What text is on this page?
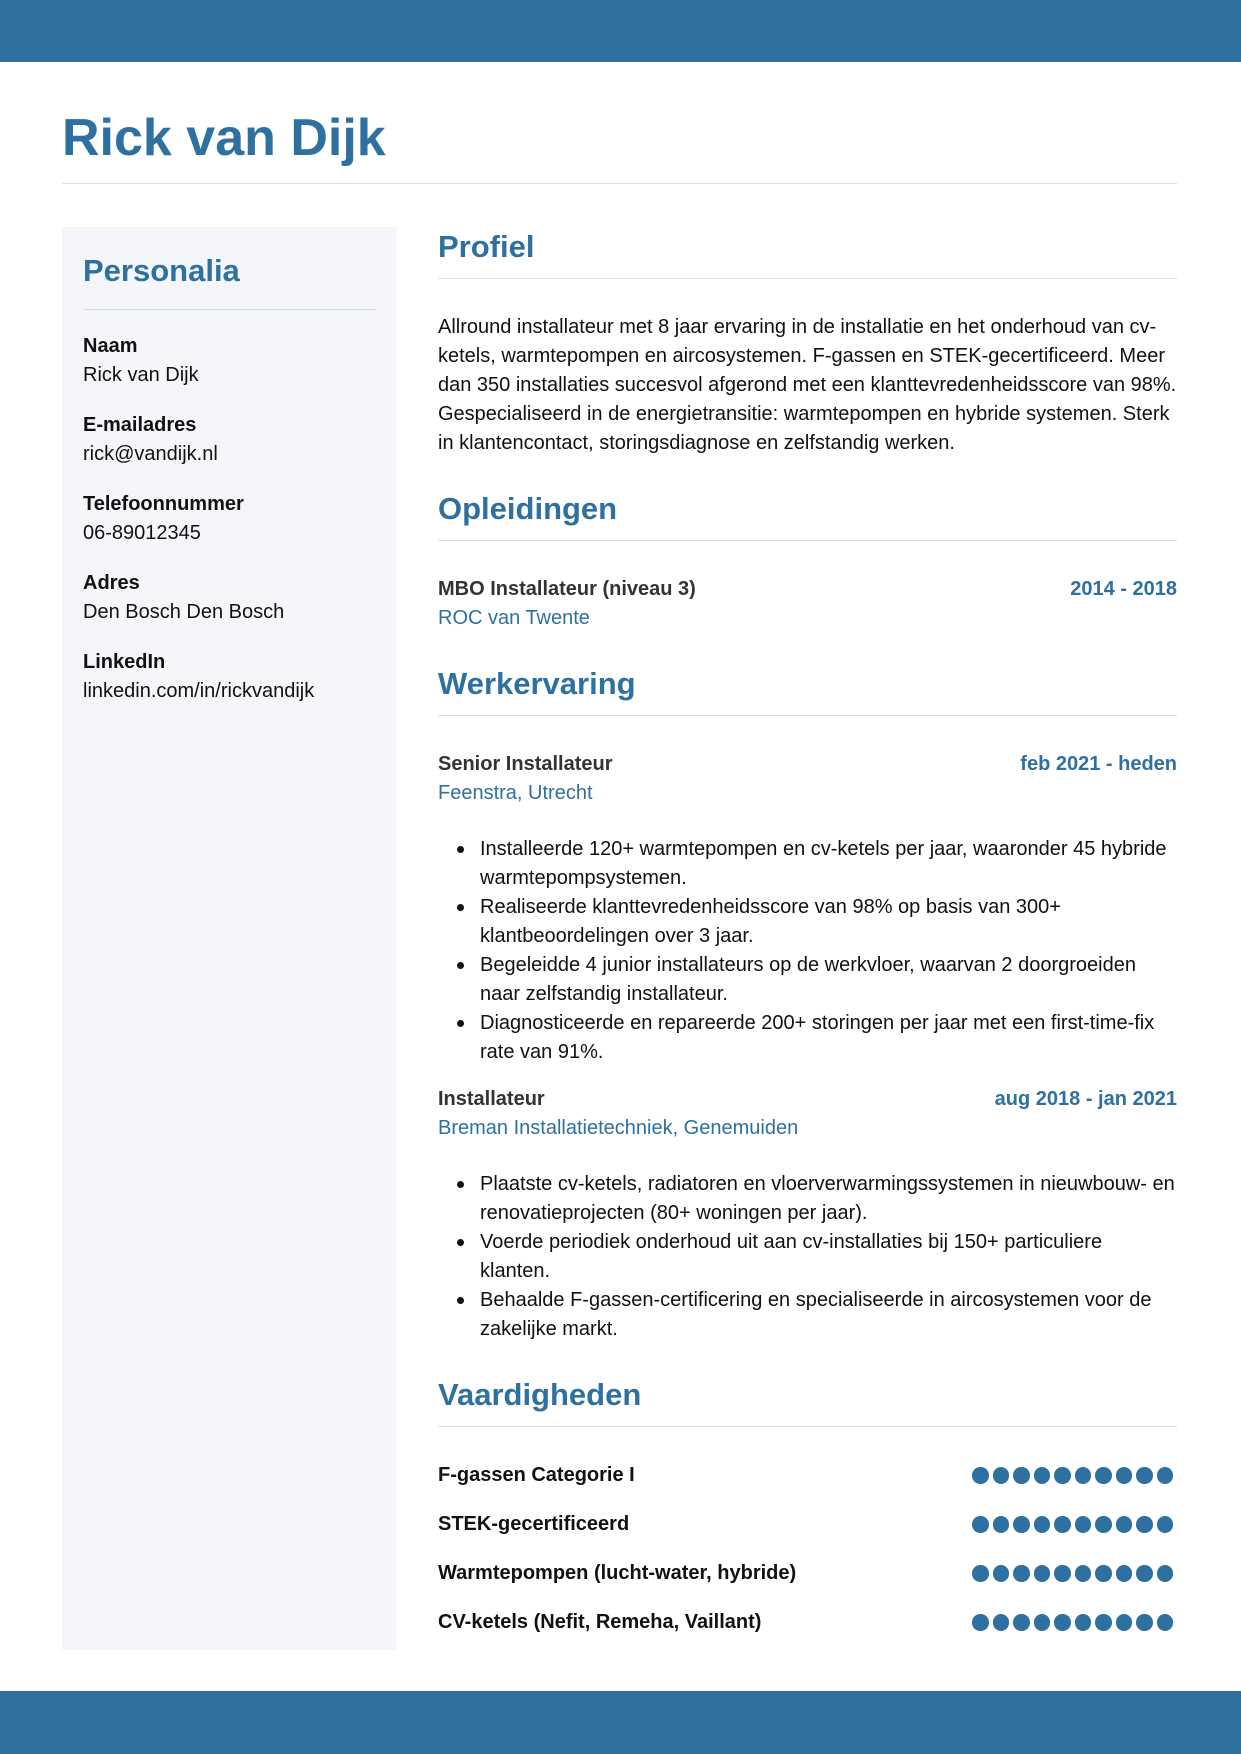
Rick van Dijk
Personalia
Naam
Rick van Dijk
E-mailadres
rick@vandijk.nl
Telefoonnummer
06-89012345
Adres
Den Bosch Den Bosch
LinkedIn
linkedin.com/in/rickvandijk
Profiel

Allround installateur met 8 jaar ervaring in de installatie en het onderhoud van cv-ketels, warmtepompen en aircosystemen. F-gassen en STEK-gecertificeerd. Meer dan 350 installaties succesvol afgerond met een klanttevredenheidsscore van 98%. Gespecialiseerd in de energietransitie: warmtepompen en hybride systemen. Sterk in klantencontact, storingsdiagnose en zelfstandig werken.

Opleidingen
MBO Installateur (niveau 3)	2014 - 2018
ROC van Twente
Werkervaring
Senior Installateur	feb 2021 - heden
Feenstra, Utrecht
Installeerde 120+ warmtepompen en cv-ketels per jaar, waaronder 45 hybride warmtepompsystemen.
Realiseerde klanttevredenheidsscore van 98% op basis van 300+ klantbeoordelingen over 3 jaar.
Begeleidde 4 junior installateurs op de werkvloer, waarvan 2 doorgroeiden naar zelfstandig installateur.
Diagnosticeerde en repareerde 200+ storingen per jaar met een first-time-fix rate van 91%.
Installateur	aug 2018 - jan 2021
Breman Installatietechniek, Genemuiden
Plaatste cv-ketels, radiatoren en vloerverwarmingssystemen in nieuwbouw- en renovatieprojecten (80+ woningen per jaar).
Voerde periodiek onderhoud uit aan cv-installaties bij 150+ particuliere klanten.
Behaalde F-gassen-certificering en specialiseerde in aircosystemen voor de zakelijke markt.
Vaardigheden
F-gassen Categorie I
STEK-gecertificeerd
Warmtepompen (lucht-water, hybride)
CV-ketels (Nefit, Remeha, Vaillant)
